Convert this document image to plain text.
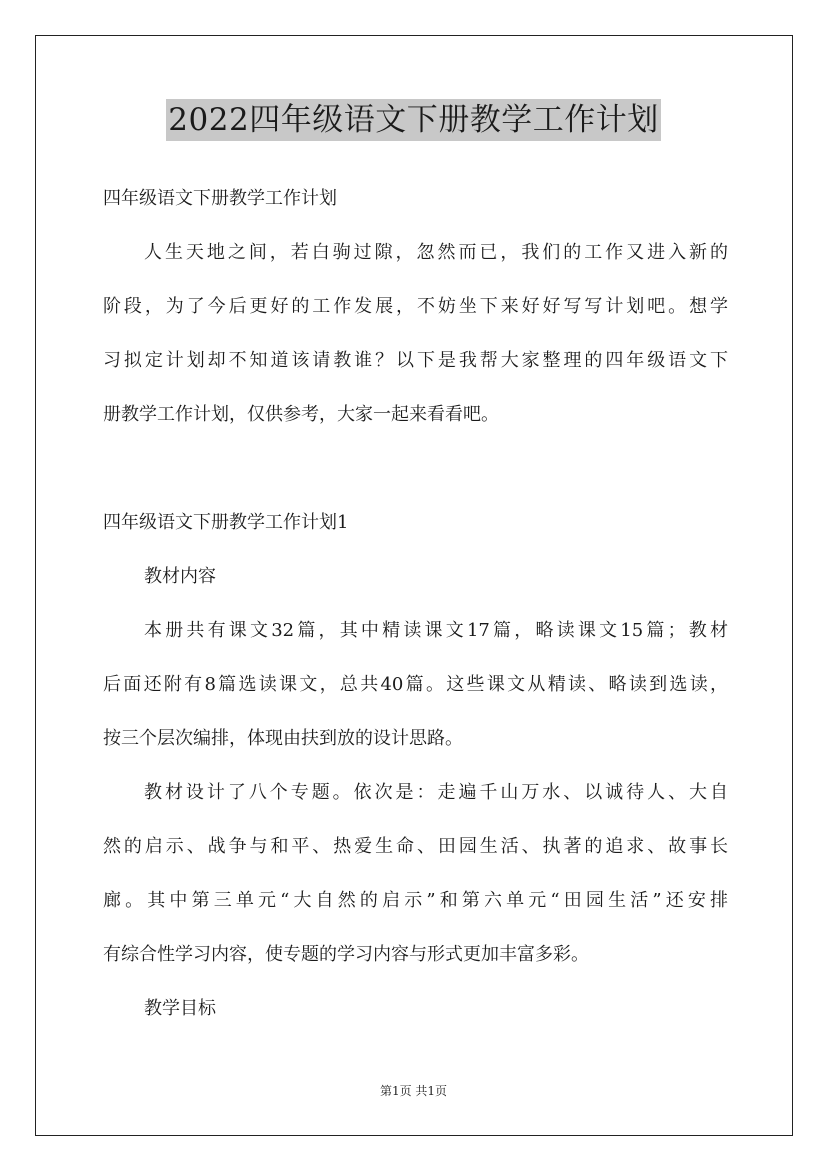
2022四年级语文下册教学工作计划

四年级语文下册教学工作计划

人生天地之间，若白驹过隙，忽然而已，我们的工作又进入新的

阶段，为了今后更好的工作发展，不妨坐下来好好写写计划吧。想学

习拟定计划却不知道该请教谁？以下是我帮大家整理的四年级语文下

册教学工作计划，仅供参考，大家一起来看看吧。

四年级语文下册教学工作计划1

教材内容

本册共有课文32篇，其中精读课文17篇，略读课文15篇；教材

后面还附有8篇选读课文，总共40篇。这些课文从精读、略读到选读，

按三个层次编排，体现由扶到放的设计思路。

教材设计了八个专题。依次是：走遍千山万水、以诚待人、大自

然的启示、战争与和平、热爱生命、田园生活、执著的追求、故事长

廊。其中第三单元“大自然的启示”和第六单元“田园生活”还安排

有综合性学习内容，使专题的学习内容与形式更加丰富多彩。

教学目标

第1页 共1页
